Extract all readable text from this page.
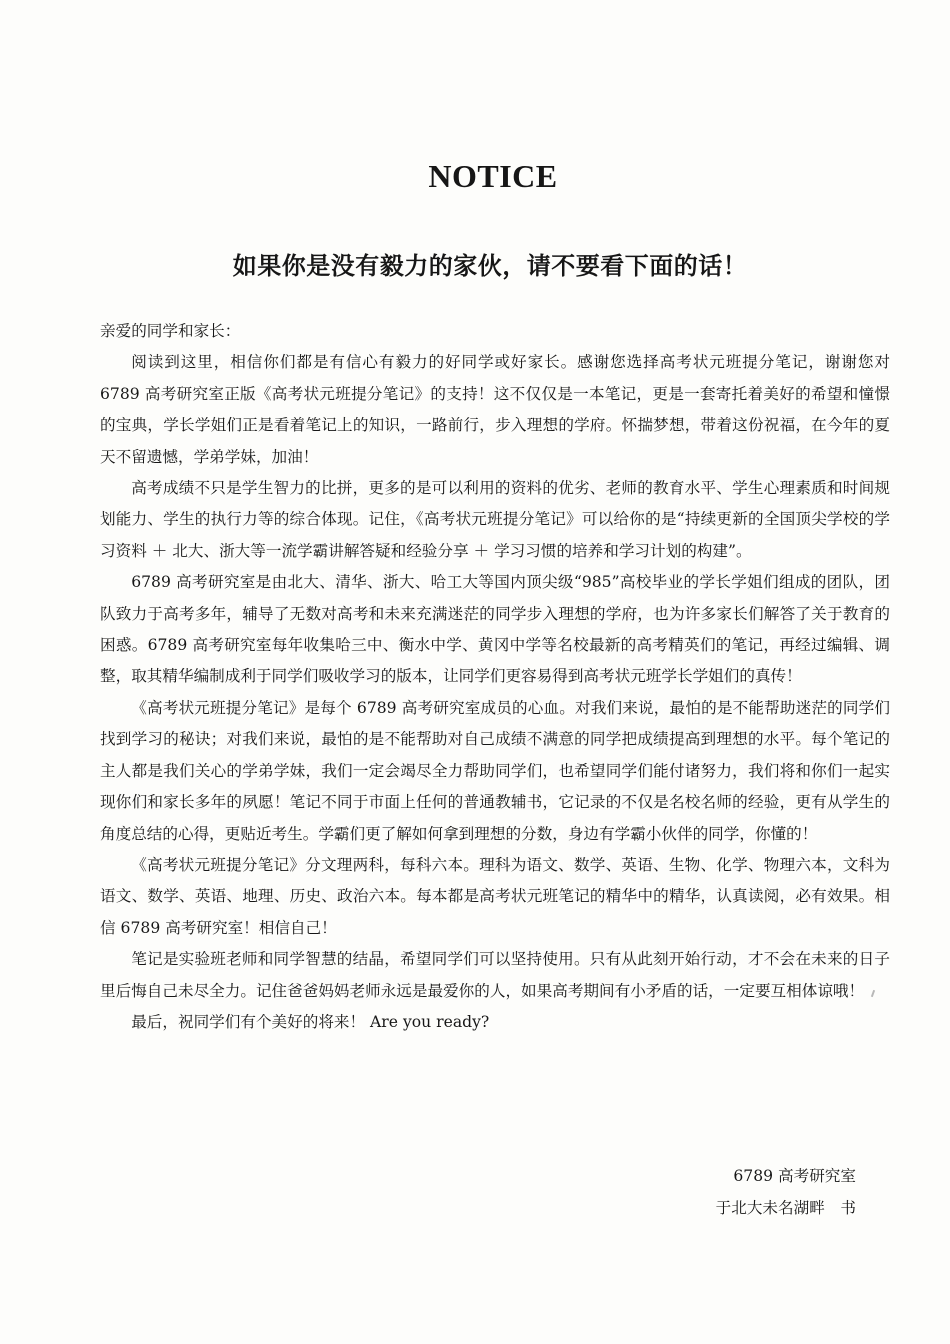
NOTICE
如果你是没有毅力的家伙，请不要看下面的话！

亲爱的同学和家长：

阅读到这里，相信你们都是有信心有毅力的好同学或好家长。感谢您选择高考状元班提分笔记，谢谢您对 6789 高考研究室正版《高考状元班提分笔记》的支持！这不仅仅是一本笔记，更是一套寄托着美好的希望和憧憬的宝典，学长学姐们正是看着笔记上的知识，一路前行，步入理想的学府。怀揣梦想，带着这份祝福，在今年的夏天不留遗憾，学弟学妹，加油！

高考成绩不只是学生智力的比拼，更多的是可以利用的资料的优劣、老师的教育水平、学生心理素质和时间规划能力、学生的执行力等的综合体现。记住，《高考状元班提分笔记》可以给你的是“持续更新的全国顶尖学校的学习资料 ＋ 北大、浙大等一流学霸讲解答疑和经验分享 ＋ 学习习惯的培养和学习计划的构建”。

6789 高考研究室是由北大、清华、浙大、哈工大等国内顶尖级“985”高校毕业的学长学姐们组成的团队，团队致力于高考多年，辅导了无数对高考和未来充满迷茫的同学步入理想的学府，也为许多家长们解答了关于教育的困惑。6789 高考研究室每年收集哈三中、衡水中学、黄冈中学等名校最新的高考精英们的笔记，再经过编辑、调整，取其精华编制成利于同学们吸收学习的版本，让同学们更容易得到高考状元班学长学姐们的真传！

《高考状元班提分笔记》是每个 6789 高考研究室成员的心血。对我们来说，最怕的是不能帮助迷茫的同学们找到学习的秘诀；对我们来说，最怕的是不能帮助对自己成绩不满意的同学把成绩提高到理想的水平。每个笔记的主人都是我们关心的学弟学妹，我们一定会竭尽全力帮助同学们，也希望同学们能付诸努力，我们将和你们一起实现你们和家长多年的夙愿！笔记不同于市面上任何的普通教辅书，它记录的不仅是名校名师的经验，更有从学生的角度总结的心得，更贴近考生。学霸们更了解如何拿到理想的分数，身边有学霸小伙伴的同学，你懂的！

《高考状元班提分笔记》分文理两科，每科六本。理科为语文、数学、英语、生物、化学、物理六本，文科为语文、数学、英语、地理、历史、政治六本。每本都是高考状元班笔记的精华中的精华，认真读阅，必有效果。相信 6789 高考研究室！相信自己！

笔记是实验班老师和同学智慧的结晶，希望同学们可以坚持使用。只有从此刻开始行动，才不会在未来的日子里后悔自己未尽全力。记住爸爸妈妈老师永远是最爱你的人，如果高考期间有小矛盾的话，一定要互相体谅哦！

最后，祝同学们有个美好的将来！ Are you ready?

6789 高考研究室
于北大未名湖畔　书
